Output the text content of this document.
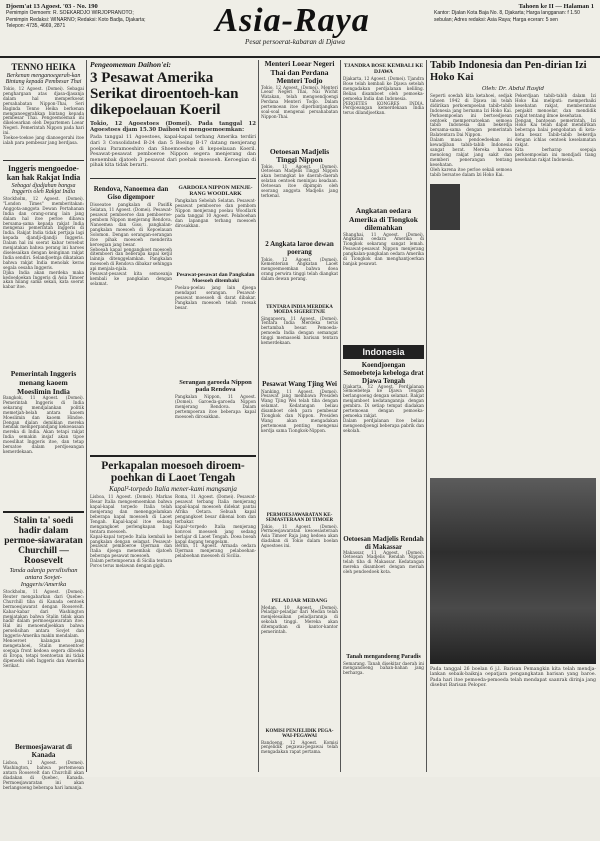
Djoem'at 13 Agoest. '03 - No. 190
Pemimpin Oemoem: R. SOEKARDJO WIRJOPRANOTO; Pemimpin Redaksi: WINARNO; Redaksi: Koto Badja, Djakarta; Telepon: 4735, 4669, 2871	Asia-Raya
Pesat persoerat-kabaran di Djawa
Tahoen ke II — Halaman 1
Kantor: Djalan Kota Baja No. 8, Djakarta; Harga langganan: f 1.50 sebulan; Adres redaksi: Asia Raya; Harga eceran: 5 sen
TENNO HEIKA
Berkenan menganoegerah-kan Bintang kepada Pembesar Thai
Tokio, 12 Agoest. (Domei). Sebagai penghargaan atas djasa-djasanja dalam hal memperkoeat persahabatan Nippon-Thai, Seri Baginda Tenno Heika berkenan menganoegerahkan bintang kepada pembesar Thai. Pengoemoeman ini dikeloearkan oleh Departemen Loear Negeri. Pemerintah Nippon pada hari ini.
Toekoe-toekoe jang dianoegerahi itoe ialah para pembesar jang berdjasa.
Inggeris mengoedoe-kan hak Rakjat India
Sebagai djadjahan bangsa Inggeris oleh Rakjat India
Stockholm, 12 Agoest. (Domei). "London Times" memberitakan: Anggota-anggota Dewan Pertahanan India dan orang-orang lain jang dalam hal itoe perloe dibawa bersama-sama kepada rakjat India mengenai pemerintah Inggeris di India. Rakjat India tidak pertjaja lagi kepada djandji-djandji Inggeris. Dalam hal ini soerat kabar tersebut menjatakan bahwa perang ini haroes diselesaikan dengan keinginan rakjat India sendiri. Selandjoetnja dikatakan bahwa rakjat India menolak keras segala oesaha Inggeris.
Djika India akan merdeka maka kedoedoekan Inggeris di Asia Timoer akan hilang sama sekali, kata soerat kabar itoe.
Pemerintah Inggeris menang kaoem Moeslimin India
Bangkok, 11 Agoest. (Domei). Pemerintah Inggeris di India sekarang mendjalankan politik memetjah-belah antara kaoem Moeslimin dan kaoem Hindoe. Dengan djalan demikian mereka hendak memperpandjang kekoeasaan mereka di India. Akan tetapi rakjat India semakin insjaf akan tipoe moeslihat Inggeris itoe, dan tetap bersatoe dalam perdjoeangan kemerdekaan.
Stalin ta' soedi hadir dalam permoe-siawaratan Churchill — Roosevelt
Tanda adanja persilisihan antara Sovjet-Inggeris/Amerika
Stockholm, 11 Agoest. (Domei). Reuter mengabarkan dari Quebec: Churchill tiba di Kanada oentoek bermoesjawarat dengan Roosevelt. Kabar-kabar dari Washington menjatakan bahwa Stalin tidak akan hadir dalam permoesjawaratan itoe. Hal ini menoendjoekkan bahwa perselisihan antara Sovjet dan Inggeris-Amerika makin mendalam.
Menoeroet kalangan jang mengetahoei, Stalin menoentoet soepaja front kedoea segera diboeka di Eropa, tetapi toentoetan ini tidak dipenoehi oleh Inggeris dan Amerika Serikat.
Bermoesjawarat di Kanada
Lisboa, 12 Agoest. (Domei). Washington, bahwa pertemoean antara Roosevelt dan Churchill akan diadakan di Quebec, Kanada. Permoesjawaratan ini akan berlangsoeng beberapa hari lamanja.
Pengeomeman Daihon'ei:
3 Pesawat Amerika Serikat diroentoeh-kan dikepoelauan Koeril
Tokio, 12 Agoestoes (Domei). Pada tanggal 12 Agoestoes djam 15.30 Daihon'ei mengoemoemkan:
Pada tanggal 11 Agoestoes, kapal-kapal terbang Amerika terdiri dari 3 Consolidated B-24 dan 5 Boeing B-17 datang menjerang poelau Paramoeshiro dan Shoemoeshoe di kepoelauan Koeril. Pesawat-pesawat pemboeroe Nippon segera menjerang dan menembak djatoeh 3 pesawat dari poehak moesoeh. Keroegian di pihak kita tidak berarti.
Rendova, Nanoemea dan Giso digempoer
Disoeatoe pangkalan di Pasifik Selatan, 11 Agoest. (Domei). Pesawat-pesawat pemboeroe dan pemboeroe-pembom Nippon menjerang Rendova, Nanoemea dan Giso, pangkalan-pangkalan moesoeh di Kepoelauan Solomon. Dengan serangan-serangan itoe pihak moesoeh menderita keroegian jang besar.
Seboeah kapal pengangkoet moesoeh ditemboeri dan beberapa kapal ketjil lainnja ditenggelamkan. Pangkalan moesoeh di Rendova dibakar sehingga api menjala-njala.
Pesawat-pesawat kita semoeanja kembali ke pangkalan dengan selamat.
GARDOEA NIPPON MENJE-RANG WOODLARK
Pangkalan Sebelah Selatan. Pesawat-pesawat pemboeroe dan pembom Nippon menjerang poelau Woodlark pada tanggal 10 Agoest. Pelaboehan dan lapangan terbang moesoeh dirosakkan.
Pesawat-pesawat dan Pangkalan Moesoeh ditembaki
Poelau-poelau jang lain djoega mendapat serangan. Pesawat-pesawat moesoeh di darat dibakar. Pangkalan moesoeh telah roesak besar.
Serangan garoeda Nippon pada Rendova
Pangkalan Nippon, 11 Agoest. (Domei). Garoeda-garoeda Nippon menjerang Rendova. Dalam pertempoeran itoe beberapa kapal moesoeh dirosakkan.
Perkapalan moesoeh diroem-poehkan di Laoet Tengah
Kapal²-torpedo Italia mener-kami mangsanja
Lisboa, 11 Agoest. (Domei). Markas Besar Italia mengoemoemkan bahwa kapal-kapal torpedo Italia telah menjerang dan menenggelamkan beberapa kapal moesoeh di Laoet Tengah. Kapal-kapal itoe sedang mengangkoet perlengkapan bagi tentara moesoeh.
Kapal-kapal torpedo Italia kembali ke pangkalan dengan selamat. Pesawat-pesawat pemboeroe Djerman dan Italia djoega menembak djatoeh beberapa pesawat moesoeh.
Dalam pertempoeran di Sicilia tentara Poros terus melawan dengan gigih.
Roma, 11 Agoest. (Domei). Pesawat-pesawat terbang Italia menjerang kapal-kapal moesoeh didekat pantai Afrika Oetara. Sebuah kapal pengangkoet besar dikenai bom dan terbakar.
Kapal²-torpedo Italia menjerang konvooi moesoeh jang sedang berlajar di Laoet Tengah. Doea boeah kapal dagang tenggelam.
Berlin, 11 Agoest. Armada oedara Djerman menjerang pelaboehan-pelaboehan moesoeh di Sicilia.
Menteri Loear Negeri Thai dan Perdana Menteri Todjo
Tokio, 12 Agoest. (Domei). Menteri Loear Negeri Thai, Nai Wichit Watakan, telah mengoendjoengi Perdana Menteri Todjo. Dalam pertemoean itoe diperbintjangkan soal-soal mengenai persahabatan Nippon-Thai.
Oetoesan Madjelis Tinggi Nippon
Tokio, 11 Agoest. (Domei). Oetoesan Madjelis Tinggi Nippon akan berangkat ke daerah-daerah selatan oentoek meninjau keadaan. Oetoesan itoe dipimpin oleh seorang anggota Madjelis jang terkenal.
2 Angkata laroe dewan poerang
Tokio, 12 Agoest. (Domei). Kementerian Angkatan Laoet mengoemoemkan bahwa doea orang perwira tinggi telah diangkat dalam dewan perang.
TENTARA INDIA MERDEKA MOEDA SIGERETNJE
Singapoera, 11 Agoest. (Domei). Tentara India Merdeka terus bertambah besar. Pemoeda-pemoeda India dengan semangat tinggi memasoeki barisan tentara kemerdekaan.
Pesawat Wang Tjing Wei
Nanking, 11 Agoest. (Domei). Pesawat jang membawa Presiden Wang Tjing Wei telah tiba dengan selamat. Kedatangan beliau disamboet oleh para pembesar Tiongkok dan Nippon. Presiden Wang akan mengadakan pertemoean penting mengenai kerdja sama Tiongkok-Nippon.
PERMOESJAWARATAN KE-SEMASTERAAN DI TIMOER
Tokio, 11 Agoest. (Domei). Permoesjawaratan kesoesasteraan Asia Timoer Raja jang kedoea akan diadakan di Tokio dalam boelan Agoestoes ini.
PELADJAR MEDANG
Medan, 10 Agoest. (Domei). Peladjar-peladjar dari Medan telah menjelesaikan peladjarannja di sekolah tinggi. Mereka akan ditempatkan di kantor-kantor pemerintah.
KOMISI PENJELIDIK PEGA-WAI-PEGAWAI
Bandoeng, 12 Agoest. Komisi penjelidik pegawai-pegawai telah mengadakan rapat pertama.
TJANDRA BOSE KEMBALI KE DJAWA
Djakarta, 12 Agoest. (Domei). Tjandra Bose telah kembali ke Djawa setelah mengadakan perdjalanan keliling. Beliau disamboet oleh pemoeka-pemoeka India dan Indonesia.
PEROETES KONGRES INDIA. Perdjoeangan kemerdekaan India terus dilandjoetkan.
Angkatan oedara Amerika di Tiongkok dilemahkan
Shanghai, 11 Agoest. (Domei). Angkatan oedara Amerika di Tiongkok sekarang sangat lemah. Pesawat-pesawat Nippon menjerang pangkalan-pangkalan oedara Amerika di Tiongkok dan menghantjoerkan banjak pesawat.
Indonesia
Koendjoengan Semoebeteja kebeloga drat Djawa Tengah
Djakarta, 12 Agoest. Perdjalanan Semoebeteja ke Djawa Tengah berlangsoeng dengan selamat. Rakjat menjamboet kedatangannja dengan gembira. Di setiap tempat diadakan pertemoean dengan pemoeka-pemoeka rakjat.
Dalam perdjalanan itoe beliau mengoendjoengi beberapa pabrik dan sekolah.
Oetoesan Madjelis Rendah di Makassar
Makassar, 11 Agoest. (Domei). Oetoesan Madjelis Rendah Nippon telah tiba di Makassar. Kedatangan mereka disamboet dengan meriah oleh pendoedoek kota.
Tanah mengandoeng Paradis
Semarang. Tanah disekitar daerah ini mengandoeng bahan-bahan jang berharga.
Tabib Indonesia dan Pen-dirian Izi Hoko Kai
Oleh: Dr. Abdul Rasjid
Seperti soedah kita ketahoei, sedjak tahoen 1942 di Djawa ini telah didirikan perkoempoelan tabib-tabib Indonesia jang bernama Izi Hoko Kai. Perkoempoelan ini bertoedjoean oentoek mempersatoekan semoea tabib Indonesia dan bekerdja bersama-sama dengan pemerintah Balatentara Dai Nippon.
Dalam masa pendoedoekan ini kewadjiban tabib-tabib Indonesia sangat berat. Mereka haroes menolong rakjat jang sakit dan memberi penerangan tentang kesehatan.
Oleh karena itoe perloe sekali semoea tabib bersatoe dalam Izi Hoko Kai.
Pekerdjaan tabib-tabib dalam Izi Hoko Kai meliputi: memperbaiki kesehatan rakjat, memberantas penjakit menoelar, dan mendidik rakjat tentang ilmoe kesehatan.
Dengan bantoean pemerintah, Izi Hoko Kai telah dapat mendirikan beberapa balai pengobatan di kota-kota besar. Tabib-tabib bekerdja dengan ichlas oentoek keselamatan rakjat.
Kita berharap soepaja perkoempoelan ini mendjadi tiang kesehatan rakjat Indonesia.
Pada tanggal 26 boelan 6 j.l. Barisan Pemangkin kita telah mendja-lankan sebaik-baiknja oepatjara pengangkatan barisan yang baroe. Pada hari itoe pemoeda-pemoeda telah mendapat saanrak dirinja jang disebut Barisan Pelopor.
